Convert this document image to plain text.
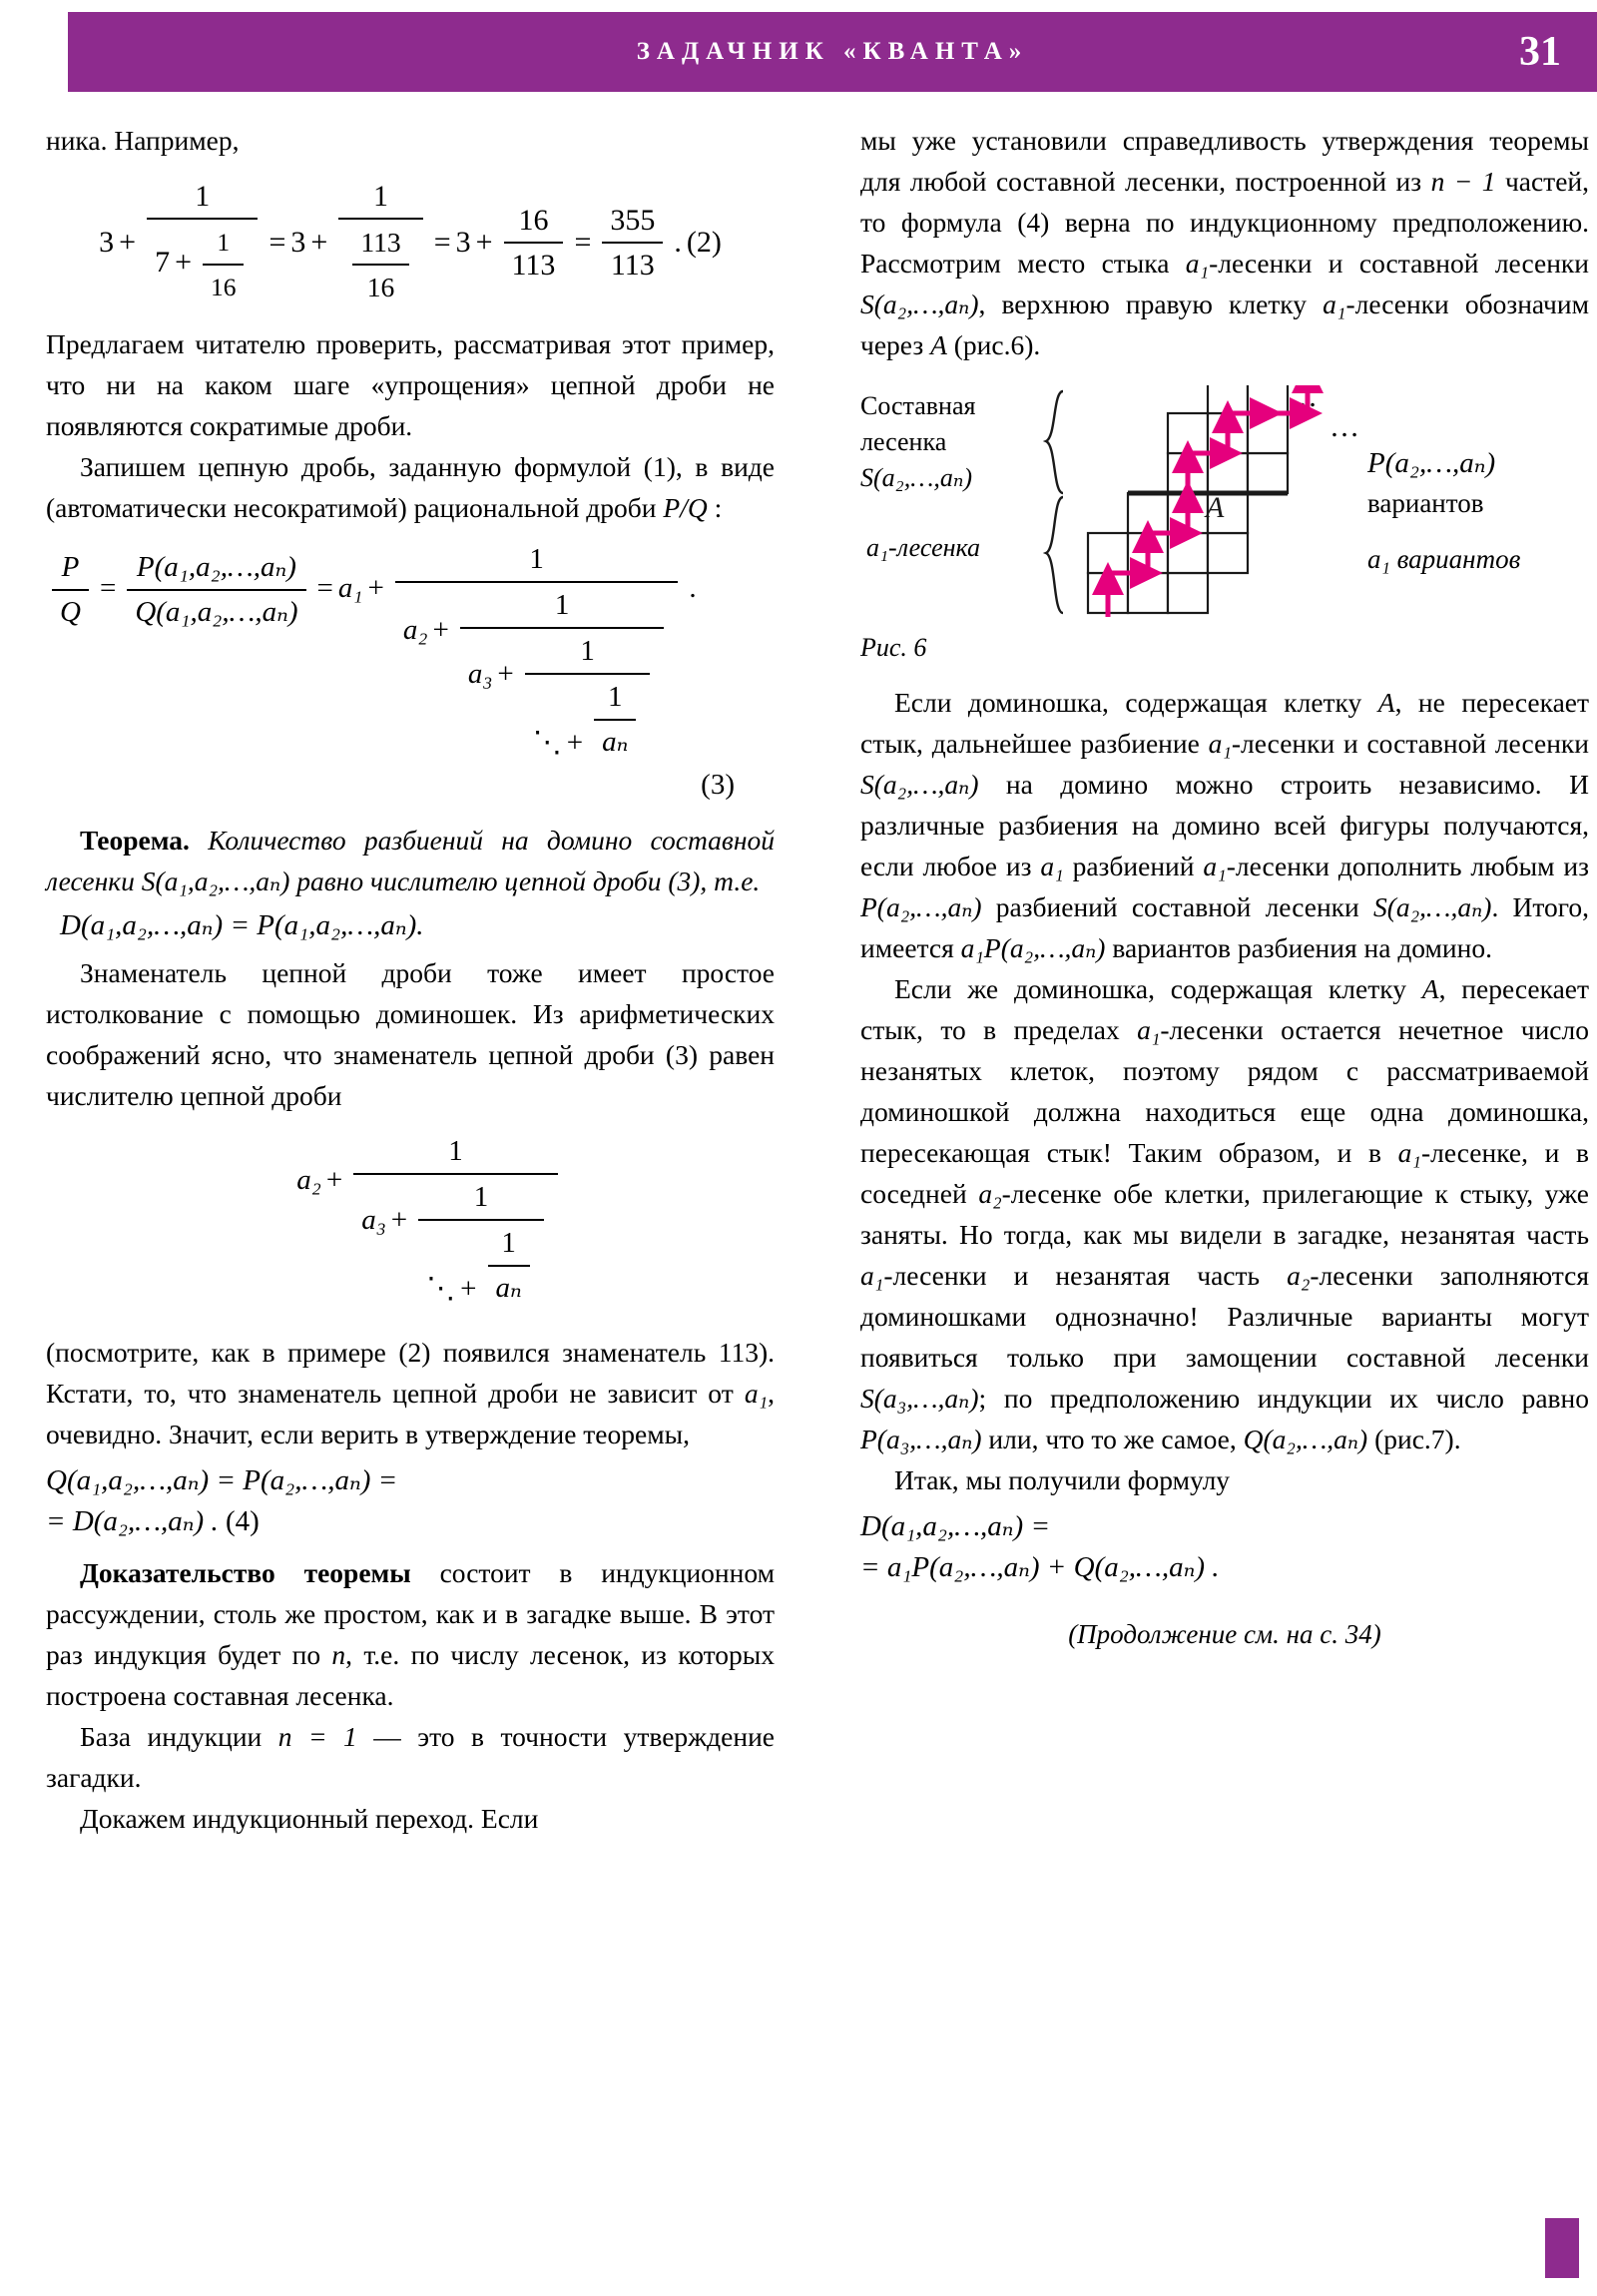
ЗАДАЧНИК «КВАНТА»	31

ника. Например,

$3 + \frac{1}{7 + \frac{1}{16}} = 3 + \frac{1}{\frac{113}{16}} = 3 + \frac{16}{113} = \frac{355}{113}$ . (2)

Предлагаем читателю проверить, рассматривая этот пример, что ни на каком шаге «упрощения» цепной дроби не появляются сократимые дроби.

Запишем цепную дробь, заданную формулой (1), в виде (автоматически несократимой) рациональной дроби P/Q :

$\frac{P}{Q} = \frac{\text{P(a₁,a₂,…,aₙ)}}{\text{Q(a₁,a₂,…,aₙ)}} = a_1$ +
1
a₂ +
1
a₃ +
1
⋱ + $\frac{1}{\text{aₙ}}$
.
(3)

Теорема. Количество разбиений на домино составной лесенки S(a₁,a₂,…,aₙ) равно числителю цепной дроби (3), т.е.

D(a₁,a₂,…,aₙ) = P(a₁,a₂,…,aₙ).

Знаменатель цепной дроби тоже имеет простое истолкование с помощью доминошек. Из арифметических соображений ясно, что знаменатель цепной дроби (3) равен числителю цепной дроби

a₂ +
1
a₃ +
1
⋱ + $\frac{1}{\text{aₙ}}$

(посмотрите, как в примере (2) появился знаменатель 113). Кстати, то, что знаменатель цепной дроби не зависит от a₁, очевидно. Значит, если верить в утверждение теоремы,

Q(a₁,a₂,…,aₙ) = P(a₂,…,aₙ) =

= D(a₂,…,aₙ) . (4)

Доказательство теоремы состоит в индукционном рассуждении, столь же простом, как и в загадке выше. В этот раз индукция будет по n, т.е. по числу лесенок, из которых построена составная лесенка.

База индукции n = 1 — это в точности утверждение загадки.

Докажем индукционный переход. Если

мы уже установили справедливость утверждения теоремы для любой составной лесенки, построенной из n − 1 частей, то формула (4) верна по индукционному предположению. Рассмотрим место стыка a₁-лесенки и составной лесенки S(a₂,…,aₙ), верхнюю правую клетку a₁-лесенки обозначим через A (рис.6).

Составная
лесенка
S(a₂,…,aₙ)
a₁-лесенка
P(a₂,…,aₙ)
вариантов
a₁ вариантов
…
…
A
Рис. 6

Если доминошка, содержащая клетку A, не пересекает стык, дальнейшее разбиение a₁-лесенки и составной лесенки S(a₂,…,aₙ) на домино можно строить независимо. И различные разбиения на домино всей фигуры получаются, если любое из a₁ разбиений a₁-лесенки дополнить любым из P(a₂,…,aₙ) разбиений составной лесенки S(a₂,…,aₙ). Итого, имеется a₁P(a₂,…,aₙ) вариантов разбиения на домино.

Если же доминошка, содержащая клетку A, пересекает стык, то в пределах a₁-лесенки остается нечетное число незанятых клеток, поэтому рядом с рассматриваемой доминошкой должна находиться еще одна доминошка, пересекающая стык! Таким образом, и в a₁-лесенке, и в соседней a₂-лесенке обе клетки, прилегающие к стыку, уже заняты. Но тогда, как мы видели в загадке, незанятая часть a₁-лесенки и незанятая часть a₂-лесенки заполняются доминошками однозначно! Различные варианты могут появиться только при замощении составной лесенки S(a₃,…,aₙ); по предположению индукции их число равно P(a₃,…,aₙ) или, что то же самое, Q(a₂,…,aₙ) (рис.7).

Итак, мы получили формулу

D(a₁,a₂,…,aₙ) =

= a₁P(a₂,…,aₙ) + Q(a₂,…,aₙ) .

(Продолжение см. на с. 34)
